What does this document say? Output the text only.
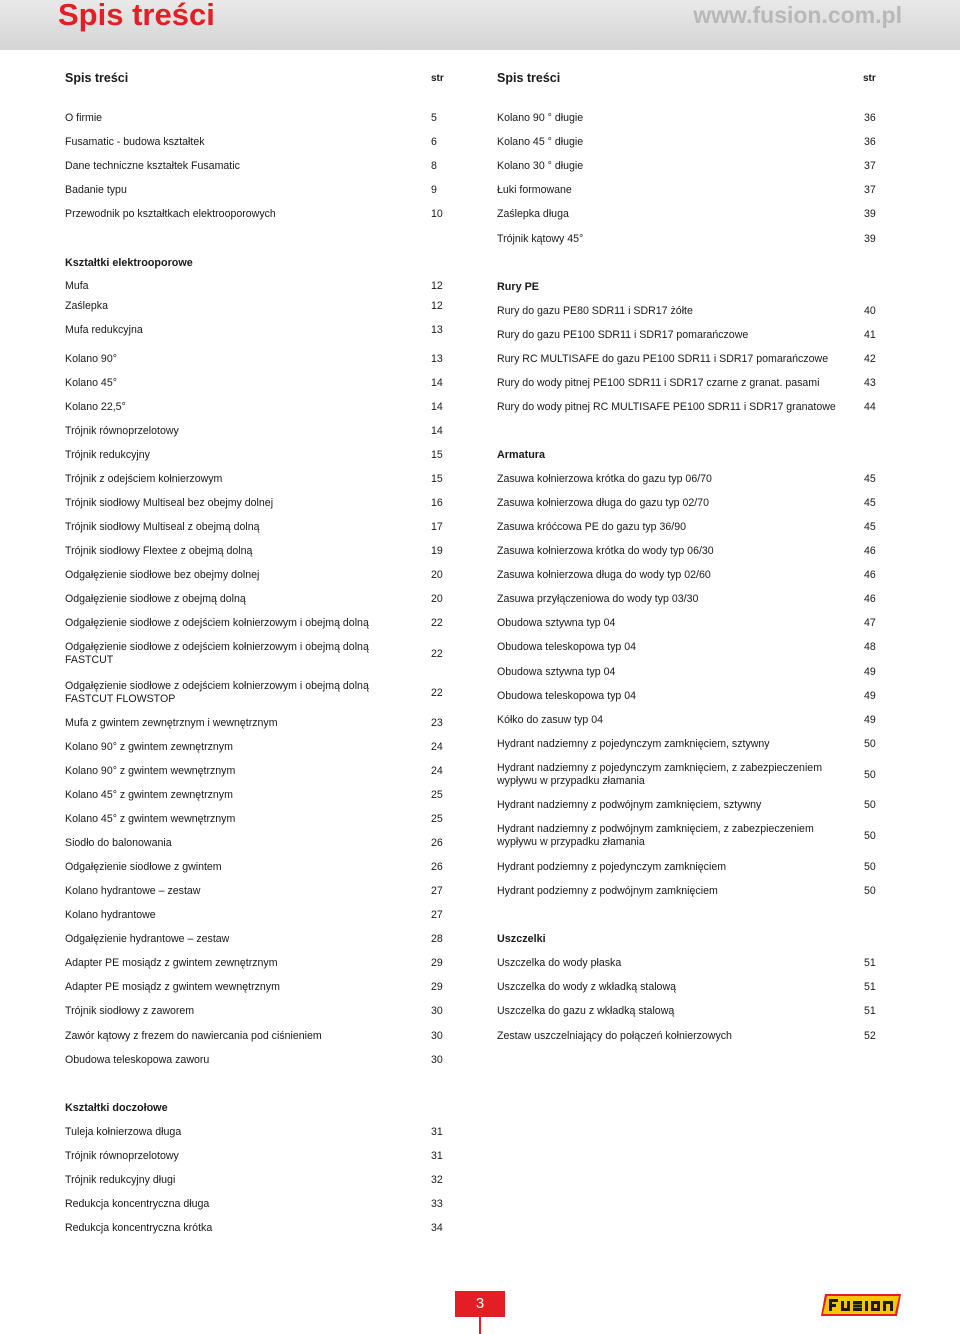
Spis treści	www.fusion.com.pl
Spis treści	str	Spis treści	str
O firmie	5
Fusamatic - budowa kształtek	6
Dane techniczne kształtek Fusamatic	8
Badanie typu	9
Przewodnik po kształtkach elektrooporowych	10
Kształtki elektrooporowe
Mufa	12
Zaślepka	12
Mufa redukcyjna	13
Kolano 90°	13
Kolano 45°	14
Kolano 22,5°	14
Trójnik równoprzelotowy	14
Trójnik redukcyjny	15
Trójnik z odejściem kołnierzowym	15
Trójnik siodłowy Multiseal bez obejmy dolnej	16
Trójnik siodłowy Multiseal z obejmą dolną	17
Trójnik siodłowy Flextee z obejmą dolną	19
Odgałęzienie siodłowe bez obejmy dolnej	20
Odgałęzienie siodłowe z obejmą dolną	20
Odgałęzienie siodłowe z odejściem kołnierzowym i obejmą dolną	22
Odgałęzienie siodłowe z odejściem kołnierzowym i obejmą dolną FASTCUT	22
Odgałęzienie siodłowe z odejściem kołnierzowym i obejmą dolną FASTCUT FLOWSTOP	22
Mufa z gwintem zewnętrznym i wewnętrznym	23
Kolano 90° z gwintem zewnętrznym	24
Kolano 90° z gwintem wewnętrznym	24
Kolano 45° z gwintem zewnętrznym	25
Kolano 45° z gwintem wewnętrznym	25
Siodło do balonowania	26
Odgałęzienie siodłowe z gwintem	26
Kolano hydrantowe – zestaw	27
Kolano hydrantowe	27
Odgałęzienie hydrantowe – zestaw	28
Adapter PE mosiądz z gwintem zewnętrznym	29
Adapter PE mosiądz z gwintem wewnętrznym	29
Trójnik siodłowy z zaworem	30
Zawór kątowy z frezem do nawiercania pod ciśnieniem	30
Obudowa teleskopowa zaworu	30
Kształtki doczołowe
Tuleja kołnierzowa długa	31
Trójnik równoprzelotowy	31
Trójnik redukcyjny długi	32
Redukcja koncentryczna długa	33
Redukcja koncentryczna krótka	34
Kolano 90 ° długie	36
Kolano 45 ° długie	36
Kolano 30 ° długie	37
Łuki formowane	37
Zaślepka długa	39
Trójnik kątowy 45°	39
Rury PE
Rury do gazu PE80 SDR11 i SDR17 żółte	40
Rury do gazu PE100 SDR11 i SDR17 pomarańczowe	41
Rury RC MULTISAFE do gazu PE100 SDR11 i SDR17 pomarańczowe	42
Rury do wody pitnej PE100 SDR11 i SDR17 czarne z granat. pasami	43
Rury do wody pitnej RC MULTISAFE PE100 SDR11 i SDR17 granatowe	44
Armatura
Zasuwa kołnierzowa krótka do gazu typ 06/70	45
Zasuwa kołnierzowa długa do gazu typ 02/70	45
Zasuwa króćcowa PE do gazu typ 36/90	45
Zasuwa kołnierzowa krótka do wody typ 06/30	46
Zasuwa kołnierzowa długa do wody typ 02/60	46
Zasuwa przyłączeniowa do wody typ 03/30	46
Obudowa sztywna typ 04	47
Obudowa teleskopowa typ 04	48
Obudowa sztywna typ 04	49
Obudowa teleskopowa typ 04	49
Kółko do zasuw typ 04	49
Hydrant nadziemny z pojedynczym zamknięciem, sztywny	50
Hydrant nadziemny z pojedynczym zamknięciem, z zabezpieczeniem wypływu w przypadku złamania	50
Hydrant nadziemny z podwójnym zamknięciem, sztywny	50
Hydrant nadziemny z podwójnym zamknięciem, z zabezpieczeniem wypływu w przypadku złamania	50
Hydrant podziemny z pojedynczym zamknięciem	50
Hydrant podziemny z podwójnym zamknięciem	50
Uszczelki
Uszczelka do wody płaska	51
Uszczelka do wody z wkładką stalową	51
Uszczelka do gazu z wkładką stalową	51
Zestaw uszczelniający do połączeń kołnierzowych	52
3
